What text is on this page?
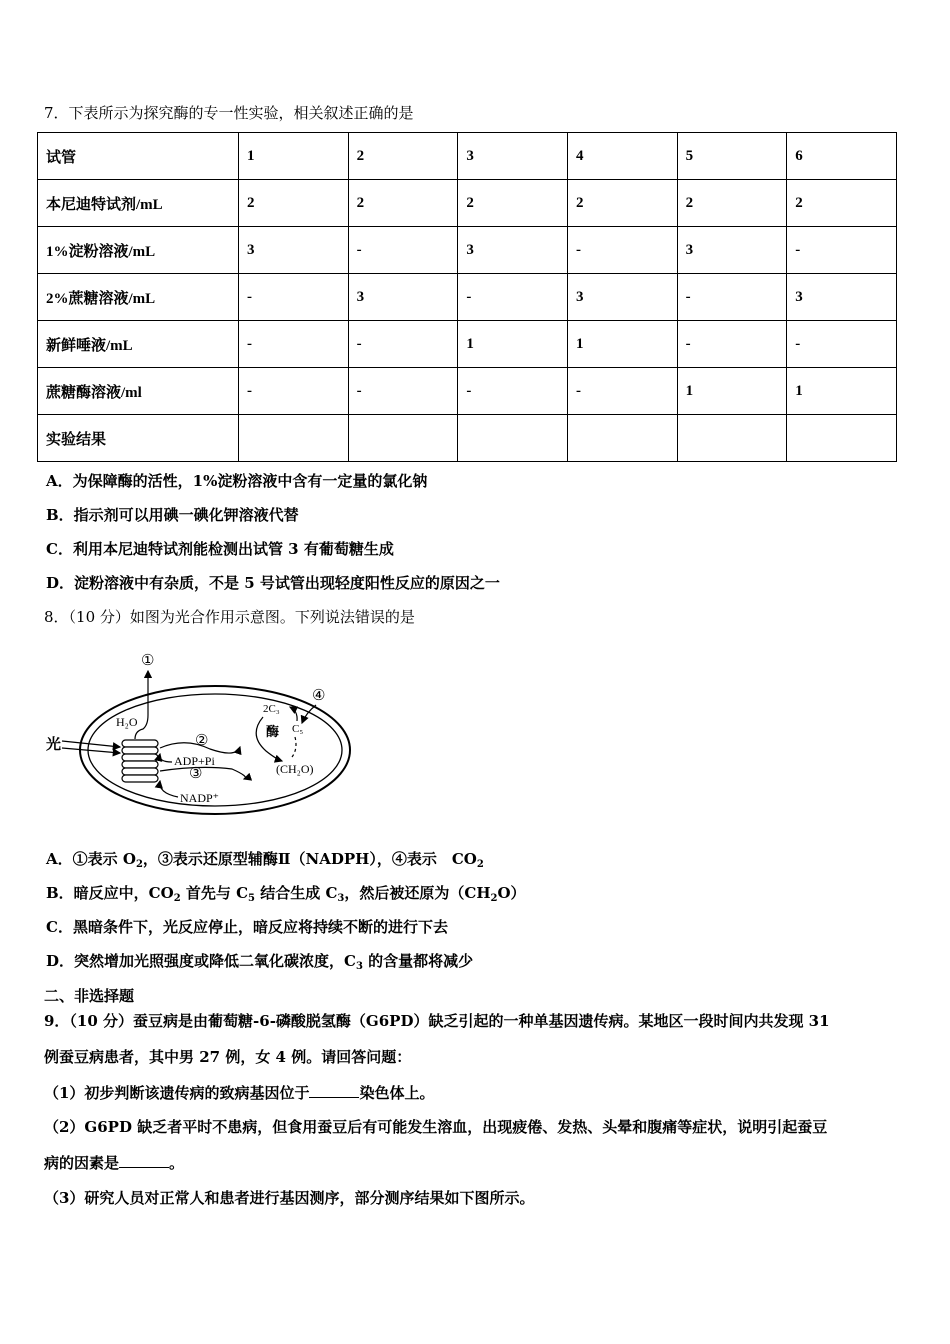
7．下表所示为探究酶的专一性实验，相关叙述正确的是
试管	1	2	3	4	5	6
本尼迪特试剂/mL	2	2	2	2	2	2
1%淀粉溶液/mL	3	-	3	-	3	-
2%蔗糖溶液/mL	-	3	-	3	-	3
新鲜唾液/mL	-	-	1	1	-	-
蔗糖酶溶液/ml	-	-	-	-	1	1
实验结果						
A．为保障酶的活性，1%淀粉溶液中含有一定量的氯化钠
B．指示剂可以用碘一碘化钾溶液代替
C．利用本尼迪特试剂能检测出试管 3 有葡萄糖生成
D．淀粉溶液中有杂质，不是 5 号试管出现轻度阳性反应的原因之一
8．（10 分）如图为光合作用示意图。下列说法错误的是
光
H₂O
①
②
ADP+Pi
③
NADP⁺
2C₃
C₅
酶
④
(CH₂O)
A．①表示 $O_2$，③表示还原型辅酶Ⅱ（NADPH），④表示　$CO_2$
B．暗反应中，$CO_2$ 首先与 $C_5$ 结合生成 $C_3$，然后被还原为$(CH_2O)$
C．黑暗条件下，光反应停止，暗反应将持续不断的进行下去
D．突然增加光照强度或降低二氧化碳浓度，$C_3$ 的含量都将减少
二、非选择题
9．（10 分）蚕豆病是由葡萄糖-6-磷酸脱氢酶（G6PD）缺乏引起的一种单基因遗传病。某地区一段时间内共发现 31
例蚕豆病患者，其中男 27 例，女 4 例。请回答问题：
（1）初步判断该遗传病的致病基因位于	染色体上。
（2）G6PD 缺乏者平时不患病，但食用蚕豆后有可能发生溶血，出现疲倦、发热、头晕和腹痛等症状，说明引起蚕豆
病的因素是	。
（3）研究人员对正常人和患者进行基因测序，部分测序结果如下图所示。
